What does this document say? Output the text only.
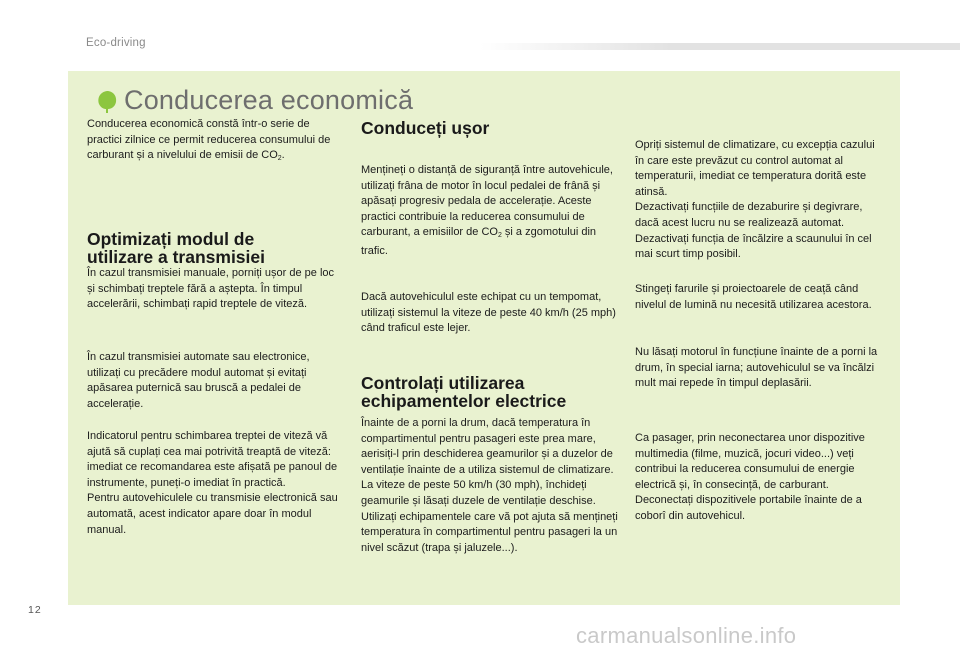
Eco-driving
Conducerea economică
Conducerea economică constă într-o serie de practici zilnice ce permit reducerea consumului de carburant și a nivelului de emisii de $CO_2$.
Optimizați modul de
utilizare a transmisiei

În cazul transmisiei manuale, porniți ușor de pe loc și schimbați treptele fără a aștepta. În timpul accelerării, schimbați rapid treptele de viteză.

În cazul transmisiei automate sau electronice, utilizați cu precădere modul automat și evitați apăsarea puternică sau bruscă a pedalei de accelerație.

Indicatorul pentru schimbarea treptei de viteză vă ajută să cuplați cea mai potrivită treaptă de viteză: imediat ce recomandarea este afișată pe panoul de instrumente, puneți-o imediat în practică.

Pentru autovehiculele cu transmisie electronică sau automată, acest indicator apare doar în modul manual.

Conduceți ușor
Mențineți o distanță de siguranță între autovehicule, utilizați frâna de motor în locul pedalei de frână și apăsați progresiv pedala de accelerație. Aceste practici contribuie la reducerea consumului de carburant, a emisiilor de $CO_2$ și a zgomotului din trafic.

Dacă autovehiculul este echipat cu un tempomat, utilizați sistemul la viteze de peste 40 km/h (25 mph) când traficul este lejer.

Controlați utilizarea
echipamentelor electrice

Înainte de a porni la drum, dacă temperatura în compartimentul pentru pasageri este prea mare, aerisiți-l prin deschiderea geamurilor și a duzelor de ventilație înainte de a utiliza sistemul de climatizare.

La viteze de peste 50 km/h (30 mph), închideți geamurile și lăsați duzele de ventilație deschise.

Utilizați echipamentele care vă pot ajuta să mențineți temperatura în compartimentul pentru pasageri la un nivel scăzut (trapa și jaluzele...).

Opriți sistemul de climatizare, cu excepția cazului în care este prevăzut cu control automat al temperaturii, imediat ce temperatura dorită este atinsă.

Dezactivați funcțiile de dezaburire și degivrare, dacă acest lucru nu se realizează automat.

Dezactivați funcția de încălzire a scaunului în cel mai scurt timp posibil.

Stingeți farurile și proiectoarele de ceață când nivelul de lumină nu necesită utilizarea acestora.

Nu lăsați motorul în funcțiune înainte de a porni la drum, în special iarna; autovehiculul se va încălzi mult mai repede în timpul deplasării.

Ca pasager, prin neconectarea unor dispozitive multimedia (filme, muzică, jocuri video...) veți contribui la reducerea consumului de energie electrică și, în consecință, de carburant.

Deconectați dispozitivele portabile înainte de a coborî din autovehicul.

12
carmanualsonline.info
